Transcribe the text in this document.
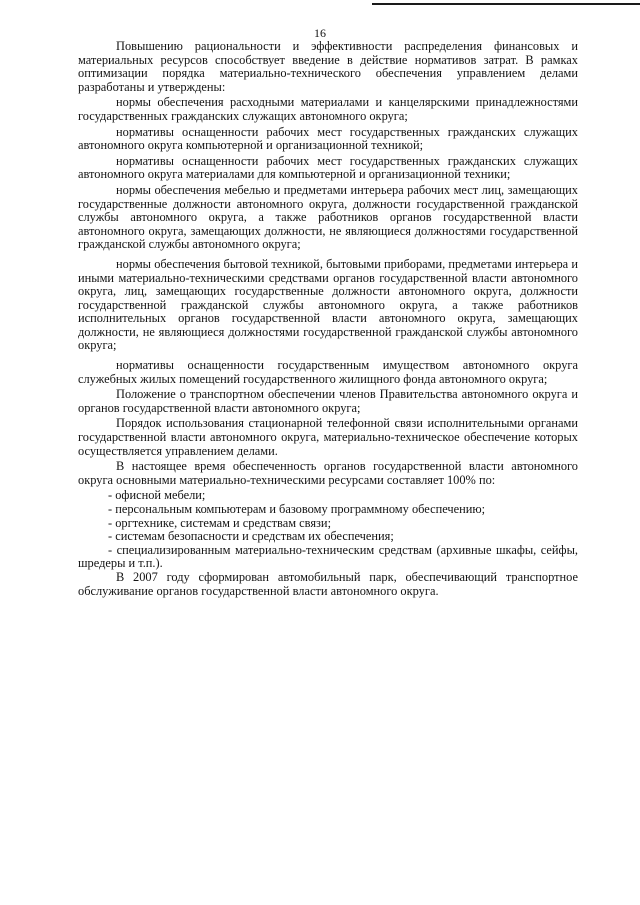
16

Повышению рациональности и эффективности распределения финансовых и материальных ресурсов способствует введение в действие нормативов затрат. В рамках оптимизации порядка материально-технического обеспечения управлением делами разработаны и утверждены:

нормы обеспечения расходными материалами и канцелярскими принадлежностями государственных гражданских служащих автономного округа;

нормативы оснащенности рабочих мест государственных гражданских служащих автономного округа компьютерной и организационной техникой;

нормативы оснащенности рабочих мест государственных гражданских служащих автономного округа материалами для компьютерной и организационной техники;

нормы обеспечения мебелью и предметами интерьера рабочих мест лиц, замещающих государственные должности автономного округа, должности государственной гражданской службы автономного округа, а также работников органов государственной власти автономного округа, замещающих должности, не являющиеся должностями государственной гражданской службы автономного округа;

нормы обеспечения бытовой техникой, бытовыми приборами, предметами интерьера и иными материально-техническими средствами органов государственной власти автономного округа, лиц, замещающих государственные должности автономного округа, должности государственной гражданской службы автономного округа, а также работников исполнительных органов государственной власти автономного округа, замещающих должности, не являющиеся должностями государственной гражданской службы автономного округа;

нормативы оснащенности государственным имуществом автономного округа служебных жилых помещений государственного жилищного фонда автономного округа;

Положение о транспортном обеспечении членов Правительства автономного округа и органов государственной власти автономного округа;

Порядок использования стационарной телефонной связи исполнительными органами государственной власти автономного округа, материально-техническое обеспечение которых осуществляется управлением делами.

В настоящее время обеспеченность органов государственной власти автономного округа основными материально-техническими ресурсами составляет 100% по:

- офисной мебели;

- персональным компьютерам и базовому программному обеспечению;

- оргтехнике, системам и средствам связи;

- системам безопасности и средствам их обеспечения;

- специализированным материально-техническим средствам (архивные шкафы, сейфы, шредеры и т.п.).

В 2007 году сформирован автомобильный парк, обеспечивающий транспортное обслуживание органов государственной власти автономного округа.
